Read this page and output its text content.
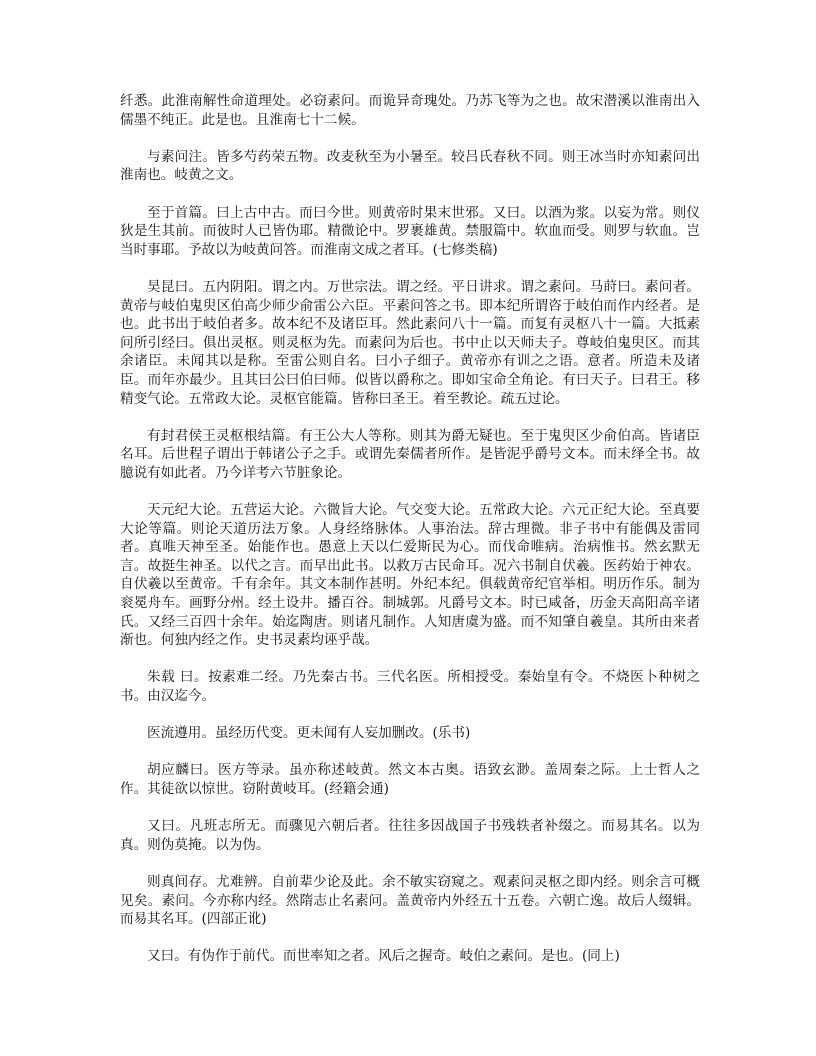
纤悉。此淮南解性命道理处。必窃素问。而诡异奇瑰处。乃苏飞等为之也。故宋潜溪以淮南出入儒墨不纯正。此是也。且淮南七十二候。

与素问注。皆多芍药荣五物。改麦秋至为小暑至。较吕氏春秋不同。则王冰当时亦知素问出淮南也。岐黄之文。

至于首篇。曰上古中古。而曰今世。则黄帝时果末世邪。又曰。以酒为浆。以妄为常。则仪狄是生其前。而彼时人已皆伪耶。精微论中。罗裹雄黄。禁服篇中。软血而受。则罗与软血。岂当时事耶。予故以为岐黄问答。而淮南文成之者耳。(七修类稿)

昊昆曰。五内阴阳。谓之内。万世宗法。谓之经。平日讲求。谓之素问。马莳曰。素问者。黄帝与岐伯鬼臾区伯高少师少俞雷公六臣。平素问答之书。即本纪所谓咨于岐伯而作内经者。是也。此书出于岐伯者多。故本纪不及诸臣耳。然此素问八十一篇。而复有灵枢八十一篇。大抵素问所引经曰。俱出灵枢。则灵枢为先。而素问为后也。书中止以天师夫子。尊岐伯鬼臾区。而其余诸臣。未闻其以是称。至雷公则自名。曰小子细子。黄帝亦有训之之语。意者。所造未及诸臣。而年亦最少。且其曰公曰伯曰师。似皆以爵称之。即如宝命全角论。有曰天子。曰君王。移精变气论。五常政大论。灵枢官能篇。皆称曰圣王。着至教论。疏五过论。

有封君侯王灵枢根结篇。有王公大人等称。则其为爵无疑也。至于鬼臾区少俞伯高。皆诸臣名耳。后世程子谓出于韩诸公子之手。或谓先秦儒者所作。是皆泥乎爵号文本。而未绎全书。故臆说有如此者。乃今详考六节脏象论。

天元纪大论。五营运大论。六微旨大论。气交变大论。五常政大论。六元正纪大论。至真要大论等篇。则论天道历法万象。人身经络脉体。人事治法。辞古理微。非子书中有能偶及雷同者。真唯天神至圣。始能作也。愚意上天以仁爱斯民为心。而伐命唯病。治病惟书。然玄默无言。故挺生神圣。以代之言。而早出此书。以救万古民命耳。况六书制自伏羲。医药始于神农。自伏羲以至黄帝。千有余年。其文本制作甚明。外纪本纪。俱载黄帝纪官举相。明历作乐。制为衮冕舟车。画野分州。经土设井。播百谷。制城郭。凡爵号文本。时已咸备，历金天高阳高辛诸氏。又经三百四十余年。始迄陶唐。则诸凡制作。人知唐虞为盛。而不知肇自羲皇。其所由来者渐也。何独内经之作。史书灵素均诬乎哉。

朱载 曰。按素难二经。乃先秦古书。三代名医。所相授受。秦始皇有令。不烧医卜种树之书。由汉迄今。

医流遵用。虽经历代变。更未闻有人妄加删改。(乐书)

胡应麟曰。医方等录。虽亦称述岐黄。然文本古奥。语致玄渺。盖周秦之际。上士哲人之作。其徒欲以惊世。窃附黄岐耳。(经籍会通)

又曰。凡班志所无。而骤见六朝后者。往往多因战国子书残轶者补缀之。而易其名。以为真。则伪莫掩。以为伪。

则真间存。尤难辨。自前辈少论及此。余不敏实窃窥之。观素问灵枢之即内经。则余言可概见矣。素问。今亦称内经。然隋志止名素问。盖黄帝内外经五十五卷。六朝亡逸。故后人缀辑。而易其名耳。(四部正讹)

又曰。有伪作于前代。而世率知之者。风后之握奇。岐伯之素问。是也。(同上)
